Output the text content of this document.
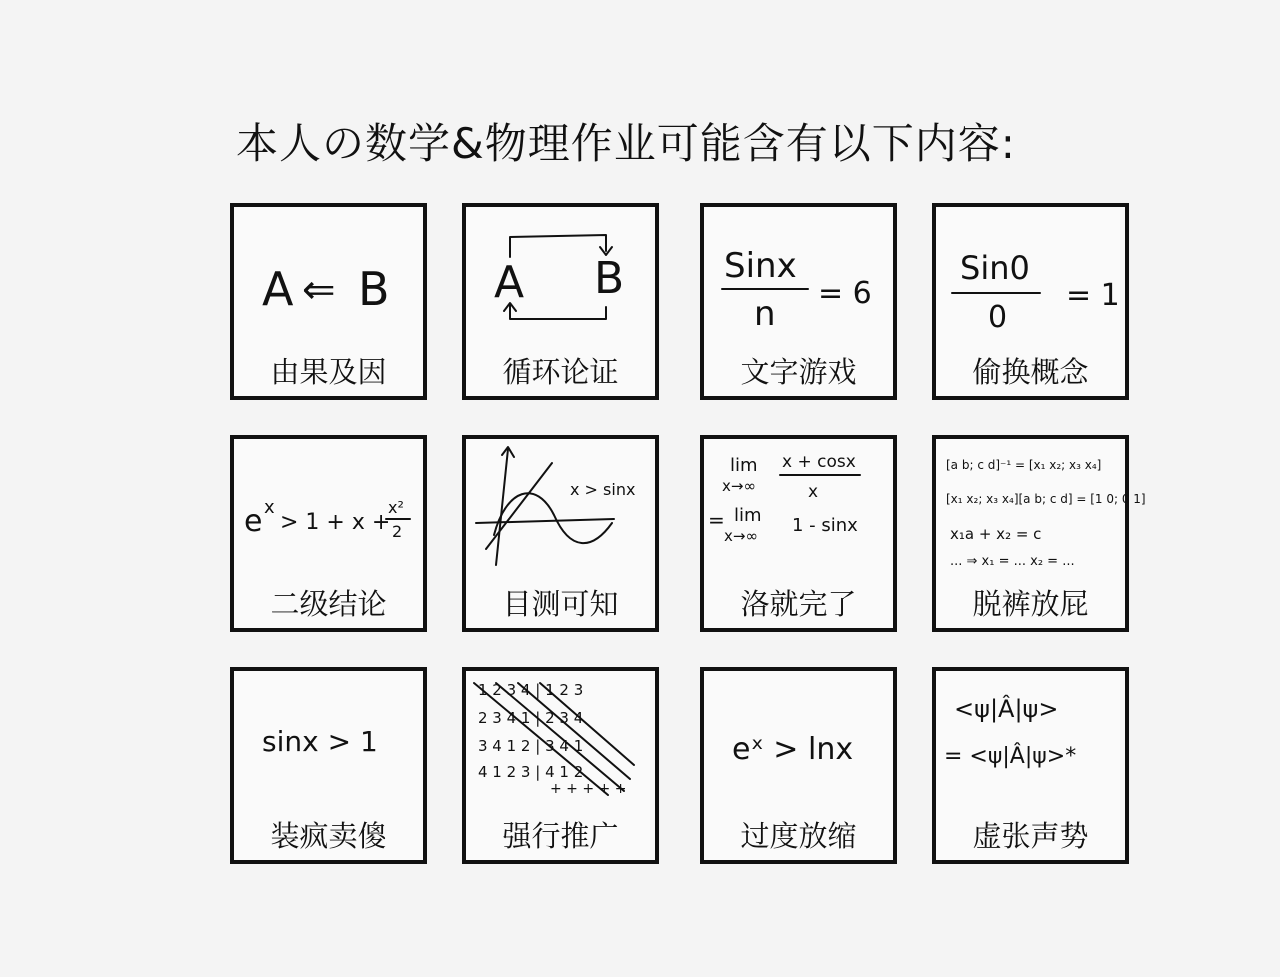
本人の数学&物理作业可能含有以下内容:
A ⇐ B
由果及因
A B
循环论证
Sinx
n
= 6
文字游戏
Sin0
0
= 1
偷换概念
e x
> 1 + x +
x²
2
二级结论
x > sinx
目测可知
lim
x→∞
x + cosx
x
= lim
x→∞ 1 - sinx
洛就完了
[a b; c d]⁻¹ = [x₁ x₂; x₃ x₄]
[x₁ x₂; x₃ x₄][a b; c d] = [1 0; 0 1]
x₁a + x₂ = c
... ⇒ x₁ = ... x₂ = ...
脱裤放屁
sinx > 1
装疯卖傻
1 2 3 4 | 1 2 3
2 3 4 1 | 2 3 4
3 4 1 2 | 3 4 1
4 1 2 3 | 4 1 2
+ + + + +
强行推广
eˣ > lnx
过度放缩
<ψ|Â|ψ>
= <ψ|Â|ψ>*
虚张声势
